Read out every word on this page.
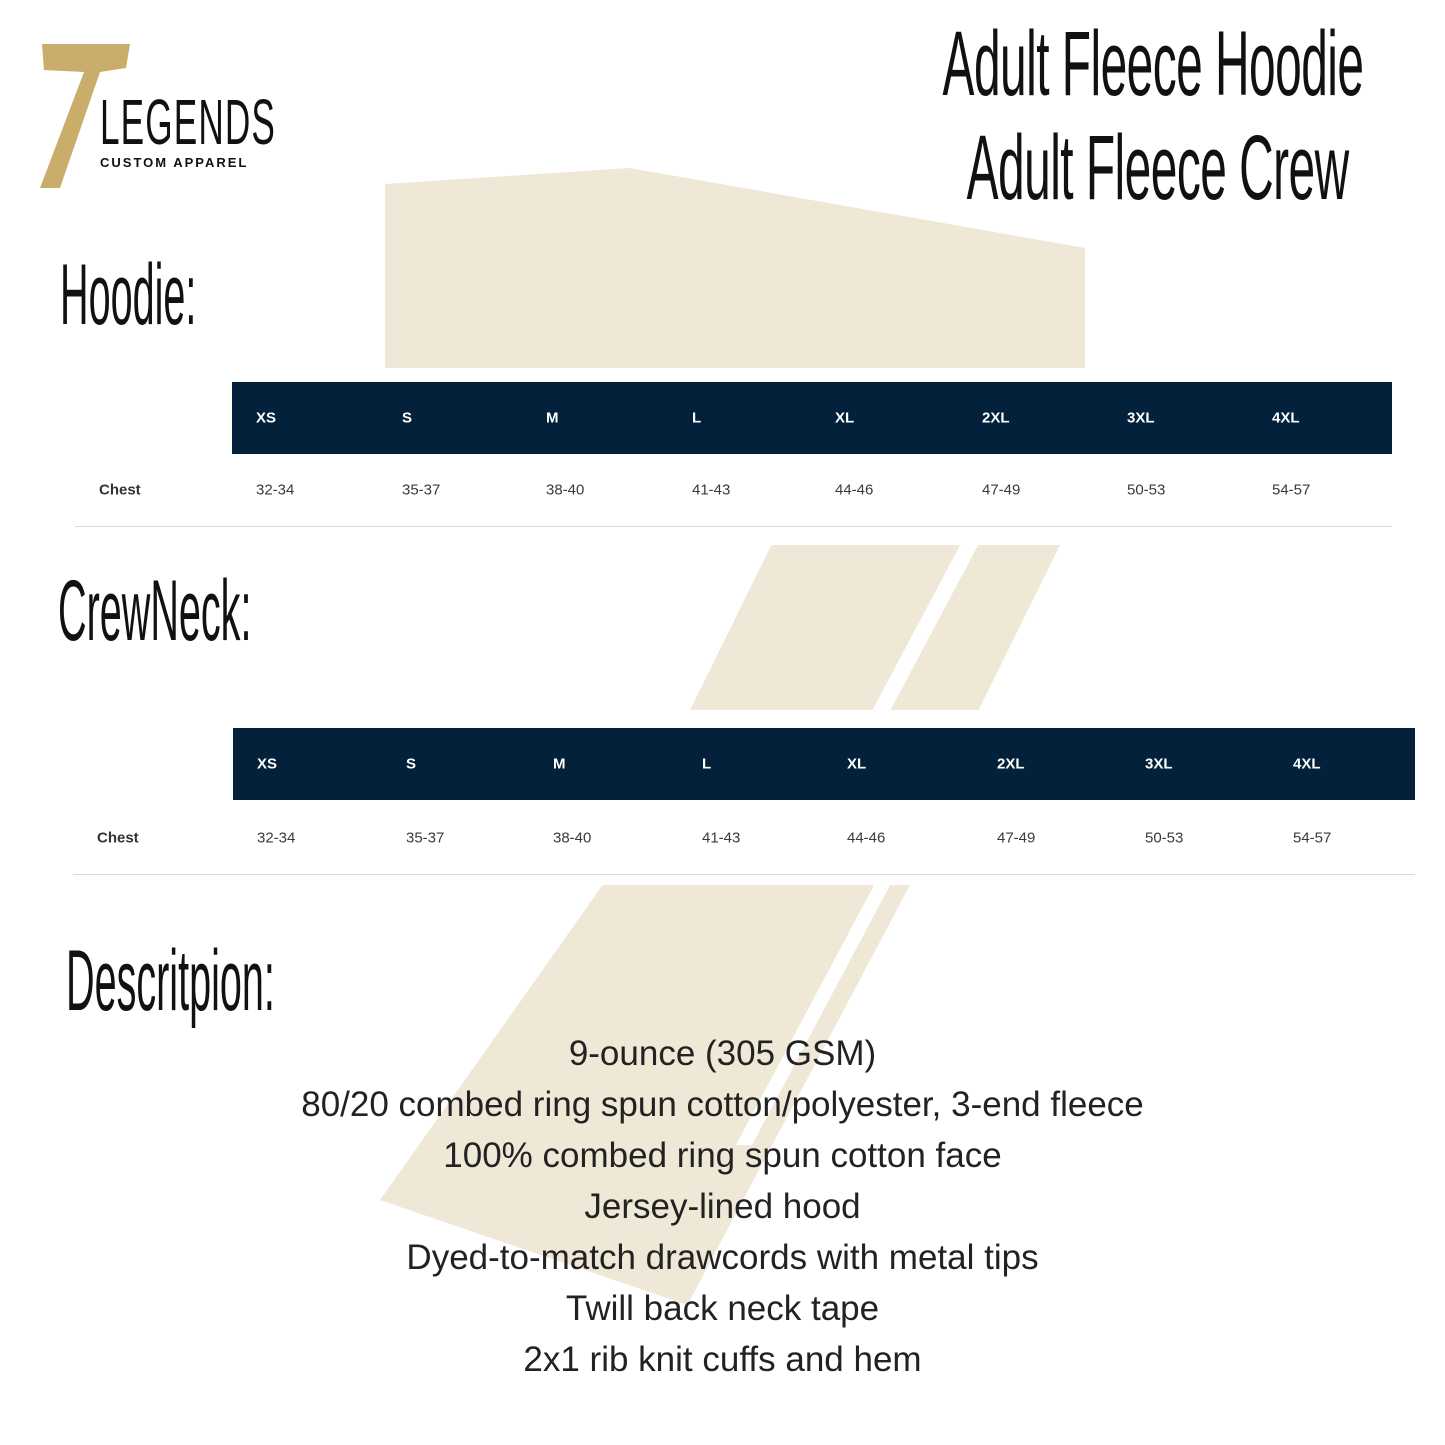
LEGENDS
CUSTOM APPAREL
Adult Fleece Hoodie
Adult Fleece Crew
Hoodie:
XS	S	M	L	XL	2XL	3XL	4XL
Chest	32-34	35-37	38-40	41-43	44-46	47-49	50-53	54-57
CrewNeck:
XS	S	M	L	XL	2XL	3XL	4XL
Chest	32-34	35-37	38-40	41-43	44-46	47-49	50-53	54-57
Descritpion:
9-ounce (305 GSM)
80/20 combed ring spun cotton/polyester, 3-end fleece
100% combed ring spun cotton face
Jersey-lined hood
Dyed-to-match drawcords with metal tips
Twill back neck tape
2x1 rib knit cuffs and hem
